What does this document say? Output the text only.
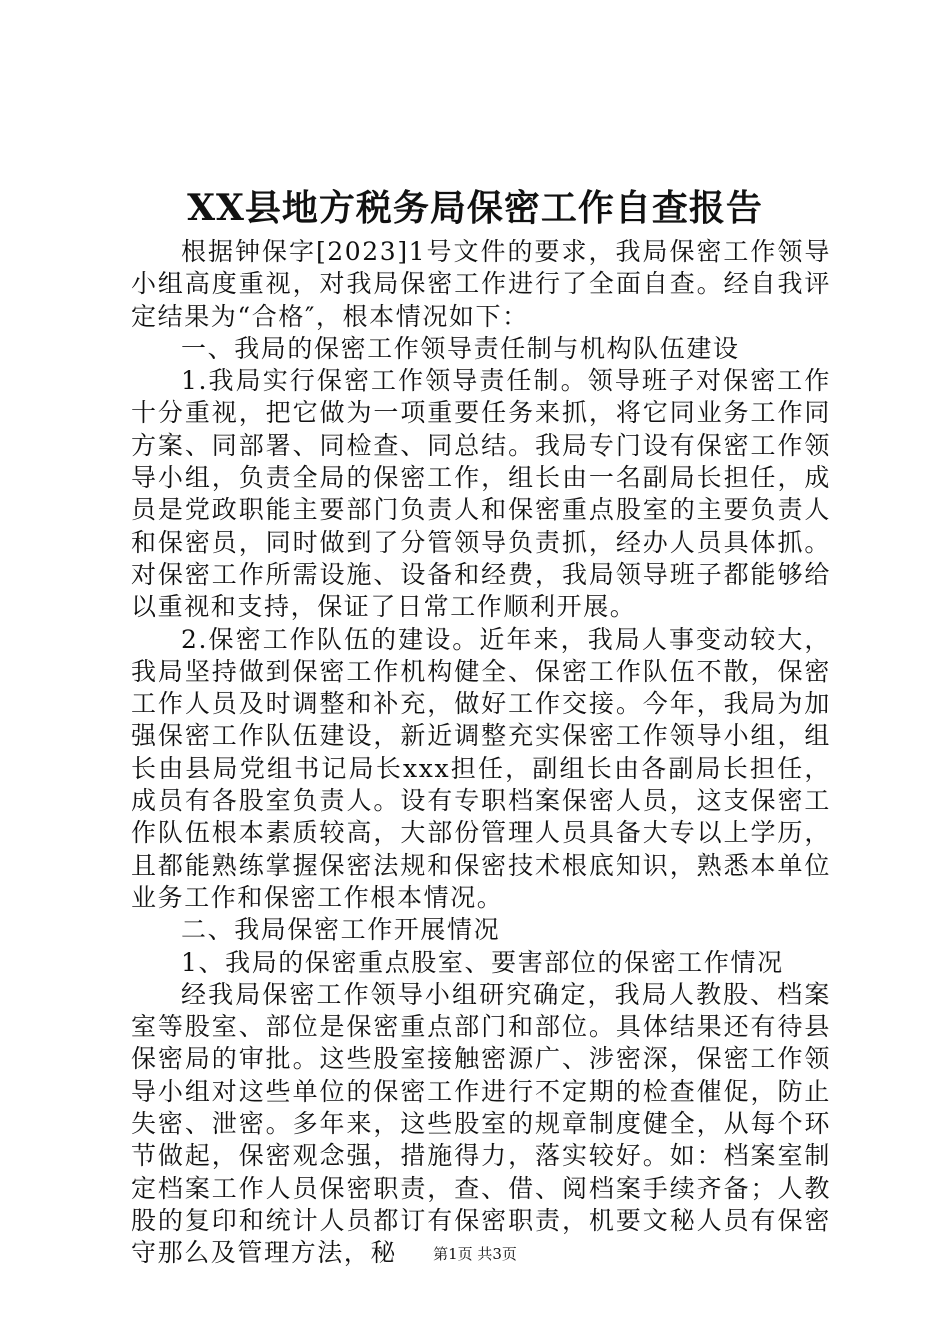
XX县地方税务局保密工作自查报告

根据钟保字[2023]1号文件的要求，我局保密工作领导小组高度重视，对我局保密工作进行了全面自查。经自我评定结果为“合格″，根本情况如下：

一、我局的保密工作领导责任制与机构队伍建设

1.我局实行保密工作领导责任制。领导班子对保密工作十分重视，把它做为一项重要任务来抓，将它同业务工作同方案、同部署、同检查、同总结。我局专门设有保密工作领导小组，负责全局的保密工作，组长由一名副局长担任，成员是党政职能主要部门负责人和保密重点股室的主要负责人和保密员，同时做到了分管领导负责抓，经办人员具体抓。对保密工作所需设施、设备和经费，我局领导班子都能够给以重视和支持，保证了日常工作顺利开展。

2.保密工作队伍的建设。近年来，我局人事变动较大，我局坚持做到保密工作机构健全、保密工作队伍不散，保密工作人员及时调整和补充，做好工作交接。今年，我局为加强保密工作队伍建设，新近调整充实保密工作领导小组，组长由县局党组书记局长xxx担任，副组长由各副局长担任，成员有各股室负责人。设有专职档案保密人员，这支保密工作队伍根本素质较高，大部份管理人员具备大专以上学历，且都能熟练掌握保密法规和保密技术根底知识，熟悉本单位业务工作和保密工作根本情况。

二、我局保密工作开展情况

1、我局的保密重点股室、要害部位的保密工作情况

经我局保密工作领导小组研究确定，我局人教股、档案室等股室、部位是保密重点部门和部位。具体结果还有待县保密局的审批。这些股室接触密源广、涉密深，保密工作领导小组对这些单位的保密工作进行不定期的检查催促，防止失密、泄密。多年来，这些股室的规章制度健全，从每个环节做起，保密观念强，措施得力，落实较好。如：档案室制定档案工作人员保密职责，查、借、阅档案手续齐备；人教股的复印和统计人员都订有保密职责，机要文秘人员有保密守那么及管理方法，秘	第1页 共3页
